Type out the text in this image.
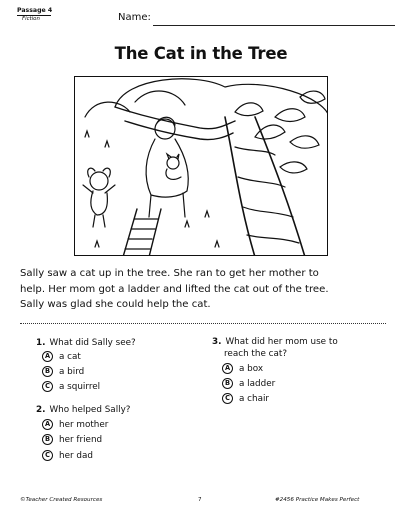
Passage 4
Fiction	Name:
The Cat in the Tree
Sally saw a cat up in the tree. She ran to get her mother to
help. Her mom got a ladder and lifted the cat out of the tree.
Sally was glad she could help the cat.
1. What did Sally see?
A	a cat
B	a bird
C	a squirrel
2. Who helped Sally?
A	her mother
B	her friend
C	her dad
3. What did her mom use to
reach the cat?
A	a box
B	a ladder
C	a chair
©Teacher Created Resources	7	#2456 Practice Makes Perfect
